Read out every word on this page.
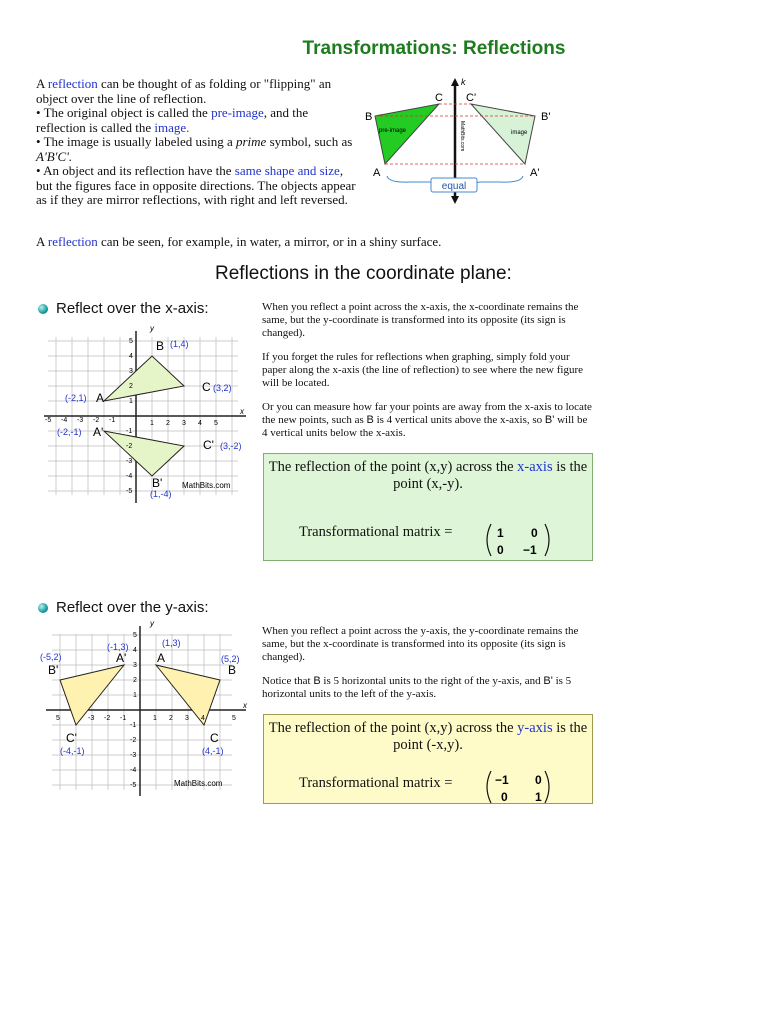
Transformations: Reflections

A reflection can be thought of as folding or "flipping" an object over the line of reflection.

• The original object is called the pre-image, and the reflection is called the image.

• The image is usually labeled using a prime symbol, such as A'B'C'.

• An object and its reflection have the same shape and size, but the figures face in opposite directions. The objects appear as if they are mirror reflections, with right and left reversed.

k
B
C C'
B'
A	A'
pre-image	image
MathBits.com
equal
A reflection can be seen, for example, in water, a mirror, or in a shiny surface.
Reflections in the coordinate plane:
Reflect over the x-axis:
y
x
-5 -4 -3 -2 -1	1 2 3 4 5
5
4
3
2
1
-1
-2
-3
-4
-5
B (1,4)
C (3,2)
(-2,1) A
(-2,-1) A'
C' (3,-2)
B'
(1,-4)
MathBits.com

When you reflect a point across the x-axis, the x-coordinate remains the same, but the y-coordinate is transformed into its opposite (its sign is changed).

If you forget the rules for reflections when graphing, simply fold your paper along the x-axis (the line of reflection) to see where the new figure will be located.

Or you can measure how far your points are away from the x-axis to locate the new points, such as B is 4 vertical units above the x-axis, so B' will be 4 vertical units below the x-axis.

The reflection of the point (x,y) across the x-axis is the point (x,-y).
Transformational matrix =	1 0
0 −1
Reflect over the y-axis:
y
x
5	-3 -2 -1	1 2 3 4	5
5
4
3
2
1
-1
-2
-3
-4
-5
(-1,3)
A'
(1,3)
A
(-5,2)
B'
(5,2)
B
C'
(-4,-1)
C
(4,-1)
MathBits.com

When you reflect a point across the y-axis, the y-coordinate remains the same, but the x-coordinate is transformed into its opposite (its sign is changed).

Notice that B is 5 horizontal units to the right of the y-axis, and B' is 5 horizontal units to the left of the y-axis.

The reflection of the point (x,y) across the y-axis is the point (-x,y).
Transformational matrix =	−1 0
0 1
